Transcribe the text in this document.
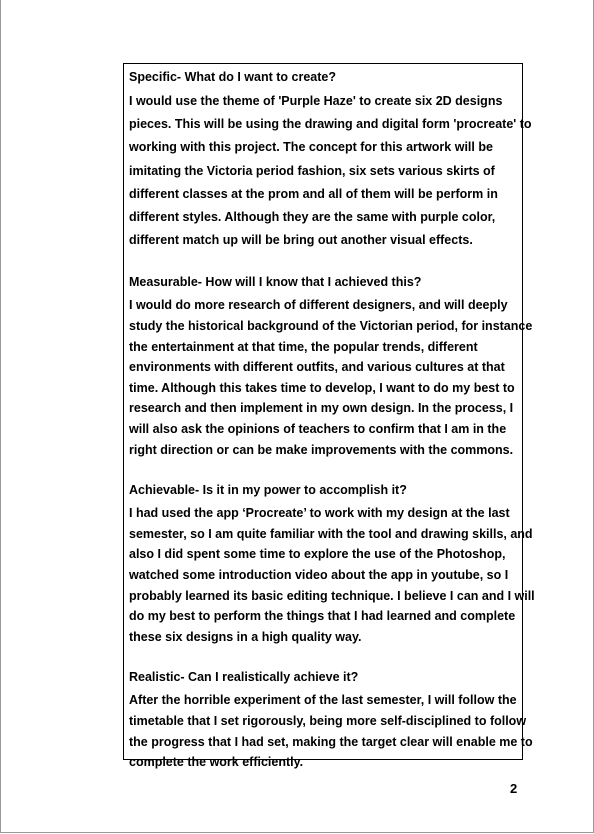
Specific- What do I want to create?

I would use the theme of 'Purple Haze' to create six 2D designs
pieces. This will be using the drawing and digital form 'procreate' to
working with this project. The concept for this artwork will be
imitating the Victoria period fashion, six sets various skirts of
different classes at the prom and all of them will be perform in
different styles. Although they are the same with purple color,
different match up will be bring out another visual effects.

Measurable- How will I know that I achieved this?

I would do more research of different designers, and will deeply
study the historical background of the Victorian period, for instance
the entertainment at that time, the popular trends, different
environments with different outfits, and various cultures at that
time. Although this takes time to develop, I want to do my best to
research and then implement in my own design. In the process, I
will also ask the opinions of teachers to confirm that I am in the
right direction or can be make improvements with the commons.

Achievable- Is it in my power to accomplish it?

I had used the app ‘Procreate’ to work with my design at the last
semester, so I am quite familiar with the tool and drawing skills, and
also I did spent some time to explore the use of the Photoshop,
watched some introduction video about the app in youtube, so I
probably learned its basic editing technique. I believe I can and I will
do my best to perform the things that I had learned and complete
these six designs in a high quality way.

Realistic- Can I realistically achieve it?

After the horrible experiment of the last semester, I will follow the
timetable that I set rigorously, being more self-disciplined to follow
the progress that I had set, making the target clear will enable me to
complete the work efficiently.

2
